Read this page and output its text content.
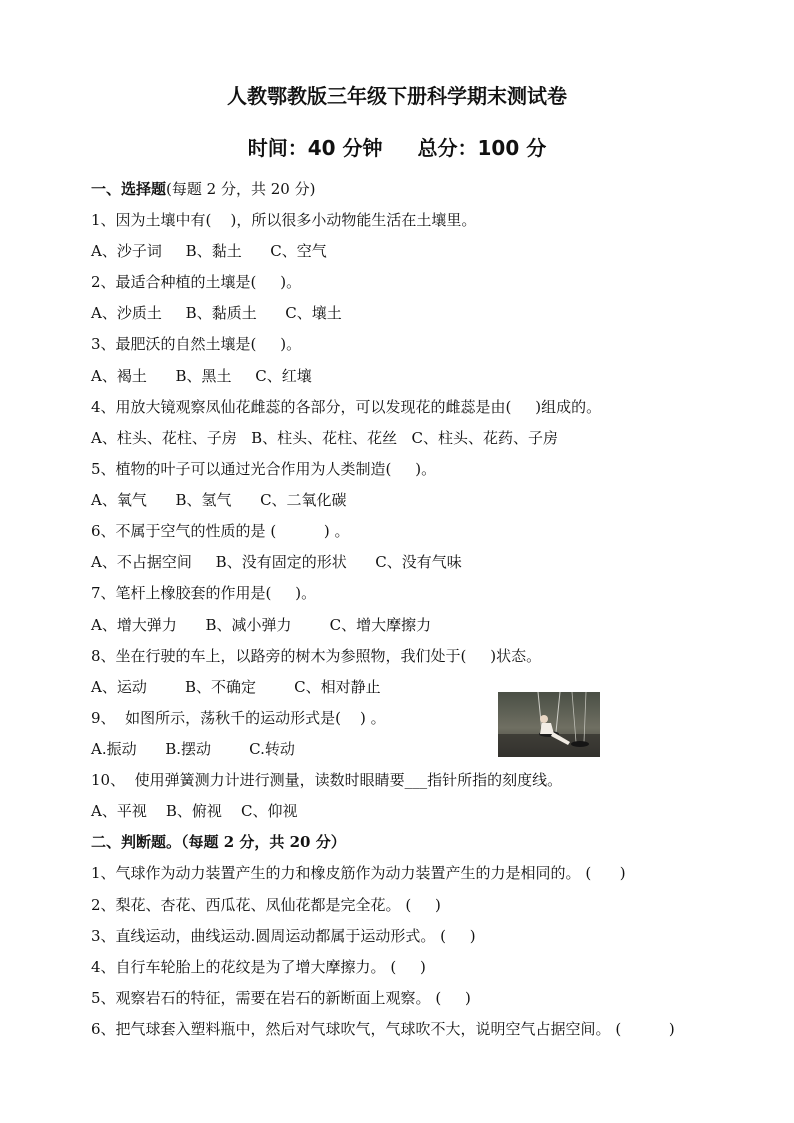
人教鄂教版三年级下册科学期末测试卷
时间：40 分钟 总分：100 分
一、选择题(每题 2 分，共 20 分)
1、因为土壤中有(    )，所以很多小动物能生活在土壤里。
A、沙子词     B、黏土      C、空气
2、最适合种植的土壤是(     )。
A、沙质土     B、黏质土      C、壤土
3、最肥沃的自然土壤是(     )。
A、褐土      B、黑土     C、红壤
4、用放大镜观察凤仙花雌蕊的各部分，可以发现花的雌蕊是由(     )组成的。
A、柱头、花柱、子房   B、柱头、花柱、花丝   C、柱头、花药、子房
5、植物的叶子可以通过光合作用为人类制造(     )。
A、氧气      B、氢气      C、二氧化碳
6、不属于空气的性质的是 (          ) 。
A、不占据空间     B、没有固定的形状      C、没有气味
7、笔杆上橡胶套的作用是(     )。
A、增大弹力      B、减小弹力        C、增大摩擦力
8、坐在行驶的车上，以路旁的树木为参照物，我们处于(     )状态。
A、运动        B、不确定        C、相对静止
9、  如图所示，荡秋千的运动形式是(    ) 。
A.振动      B.摆动        C.转动
10、  使用弹簧测力计进行测量，读数时眼睛要___指针所指的刻度线。
A、平视    B、俯视    C、仰视
二、判断题。（每题 2 分，共 20 分）
1、气球作为动力装置产生的力和橡皮筋作为动力装置产生的力是相同的。 (      )
2、梨花、杏花、西瓜花、凤仙花都是完全花。 (     )
3、直线运动，曲线运动.圆周运动都属于运动形式。 (     )
4、自行车轮胎上的花纹是为了增大摩擦力。 (     )
5、观察岩石的特征，需要在岩石的新断面上观察。 (     )
6、把气球套入塑料瓶中，然后对气球吹气，气球吹不大，说明空气占据空间。 (          )
